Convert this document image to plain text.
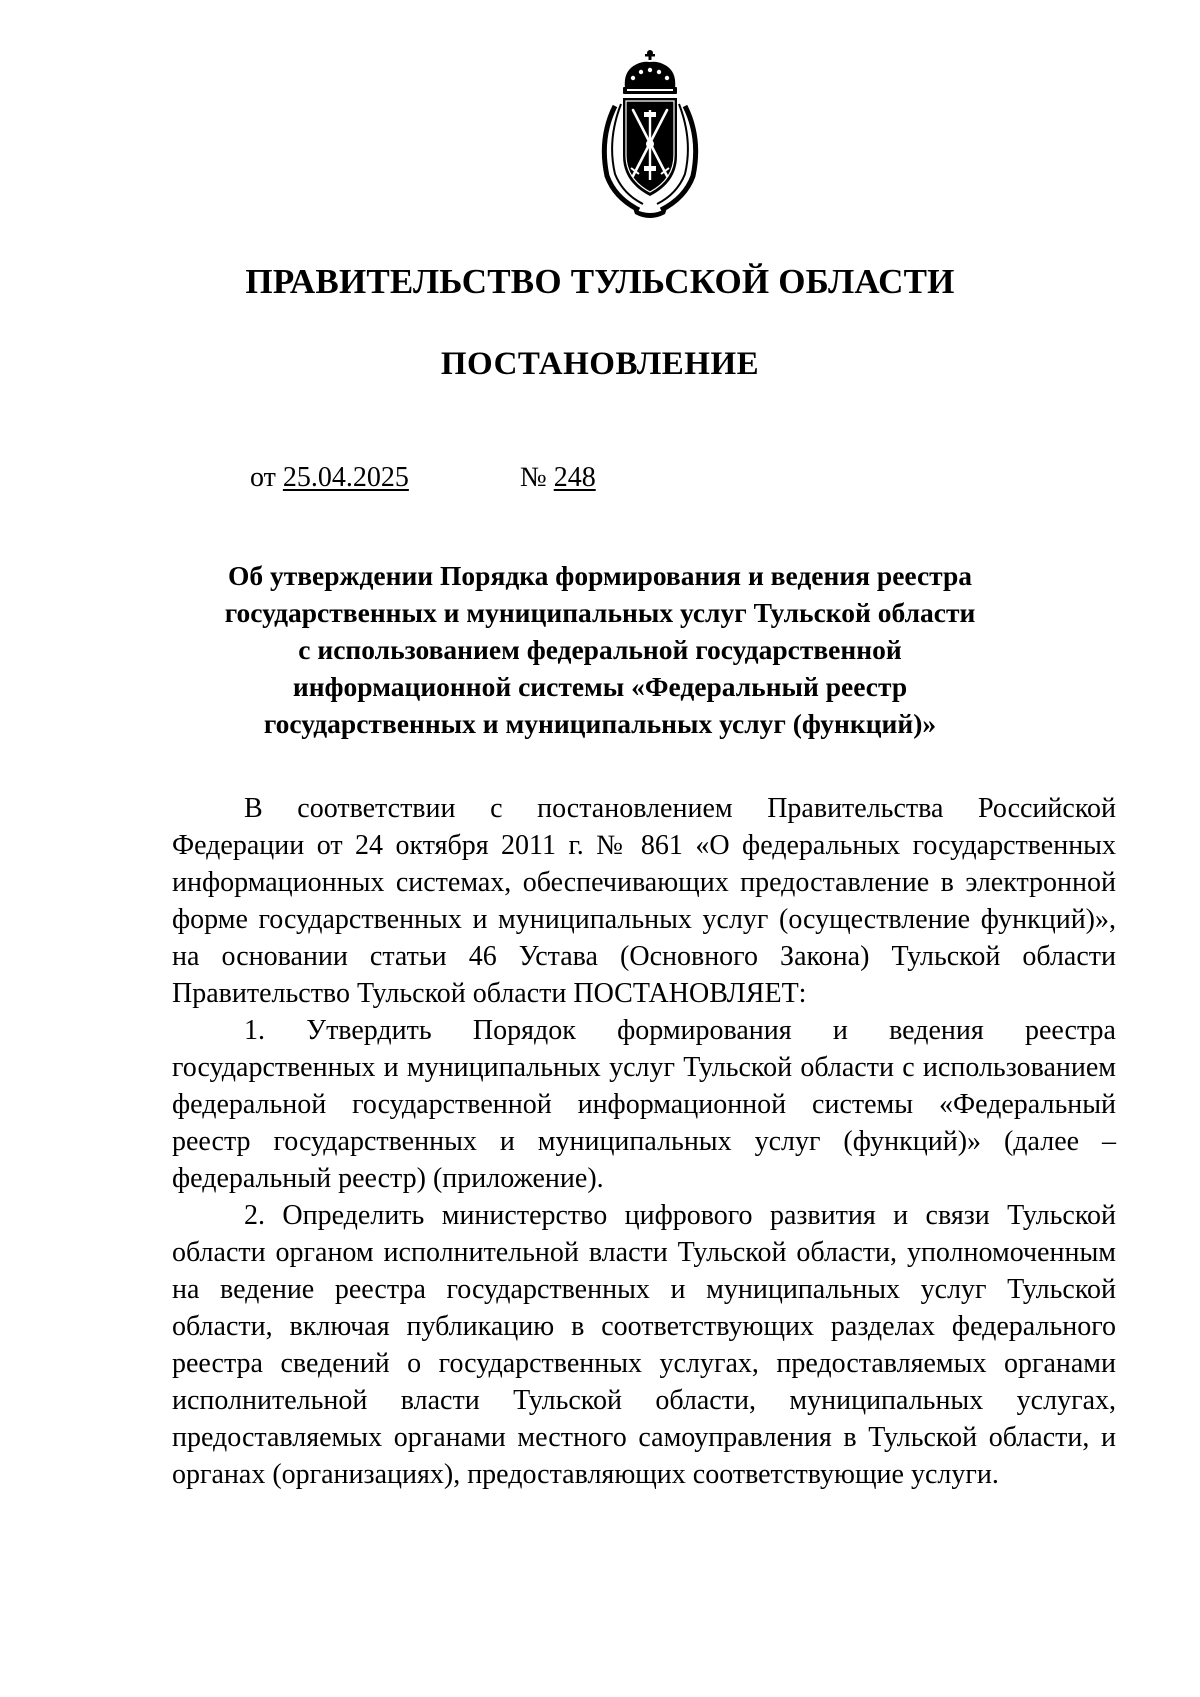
ПРАВИТЕЛЬСТВО ТУЛЬСКОЙ ОБЛАСТИ
ПОСТАНОВЛЕНИЕ
от 25.04.2025	№ 248
Об утверждении Порядка формирования и ведения реестра
государственных и муниципальных услуг Тульской области
с использованием федеральной государственной
информационной системы «Федеральный реестр
государственных и муниципальных услуг (функций)»

В соответствии с постановлением Правительства Российской Федерации от 24 октября 2011 г. № 861 «О федеральных государственных информационных системах, обеспечивающих предоставление в электронной форме государственных и муниципальных услуг (осуществление функций)», на основании статьи 46 Устава (Основного Закона) Тульской области Правительство Тульской области ПОСТАНОВЛЯЕТ:

1. Утвердить Порядок формирования и ведения реестра государственных и муниципальных услуг Тульской области с использованием федеральной государственной информационной системы «Федеральный реестр государственных и муниципальных услуг (функций)» (далее – федеральный реестр) (приложение).

2. Определить министерство цифрового развития и связи Тульской области органом исполнительной власти Тульской области, уполномоченным на ведение реестра государственных и муниципальных услуг Тульской области, включая публикацию в соответствующих разделах федерального реестра сведений о государственных услугах, предоставляемых органами исполнительной власти Тульской области, муниципальных услугах, предоставляемых органами местного самоуправления в Тульской области, и органах (организациях), предоставляющих соответствующие услуги.
